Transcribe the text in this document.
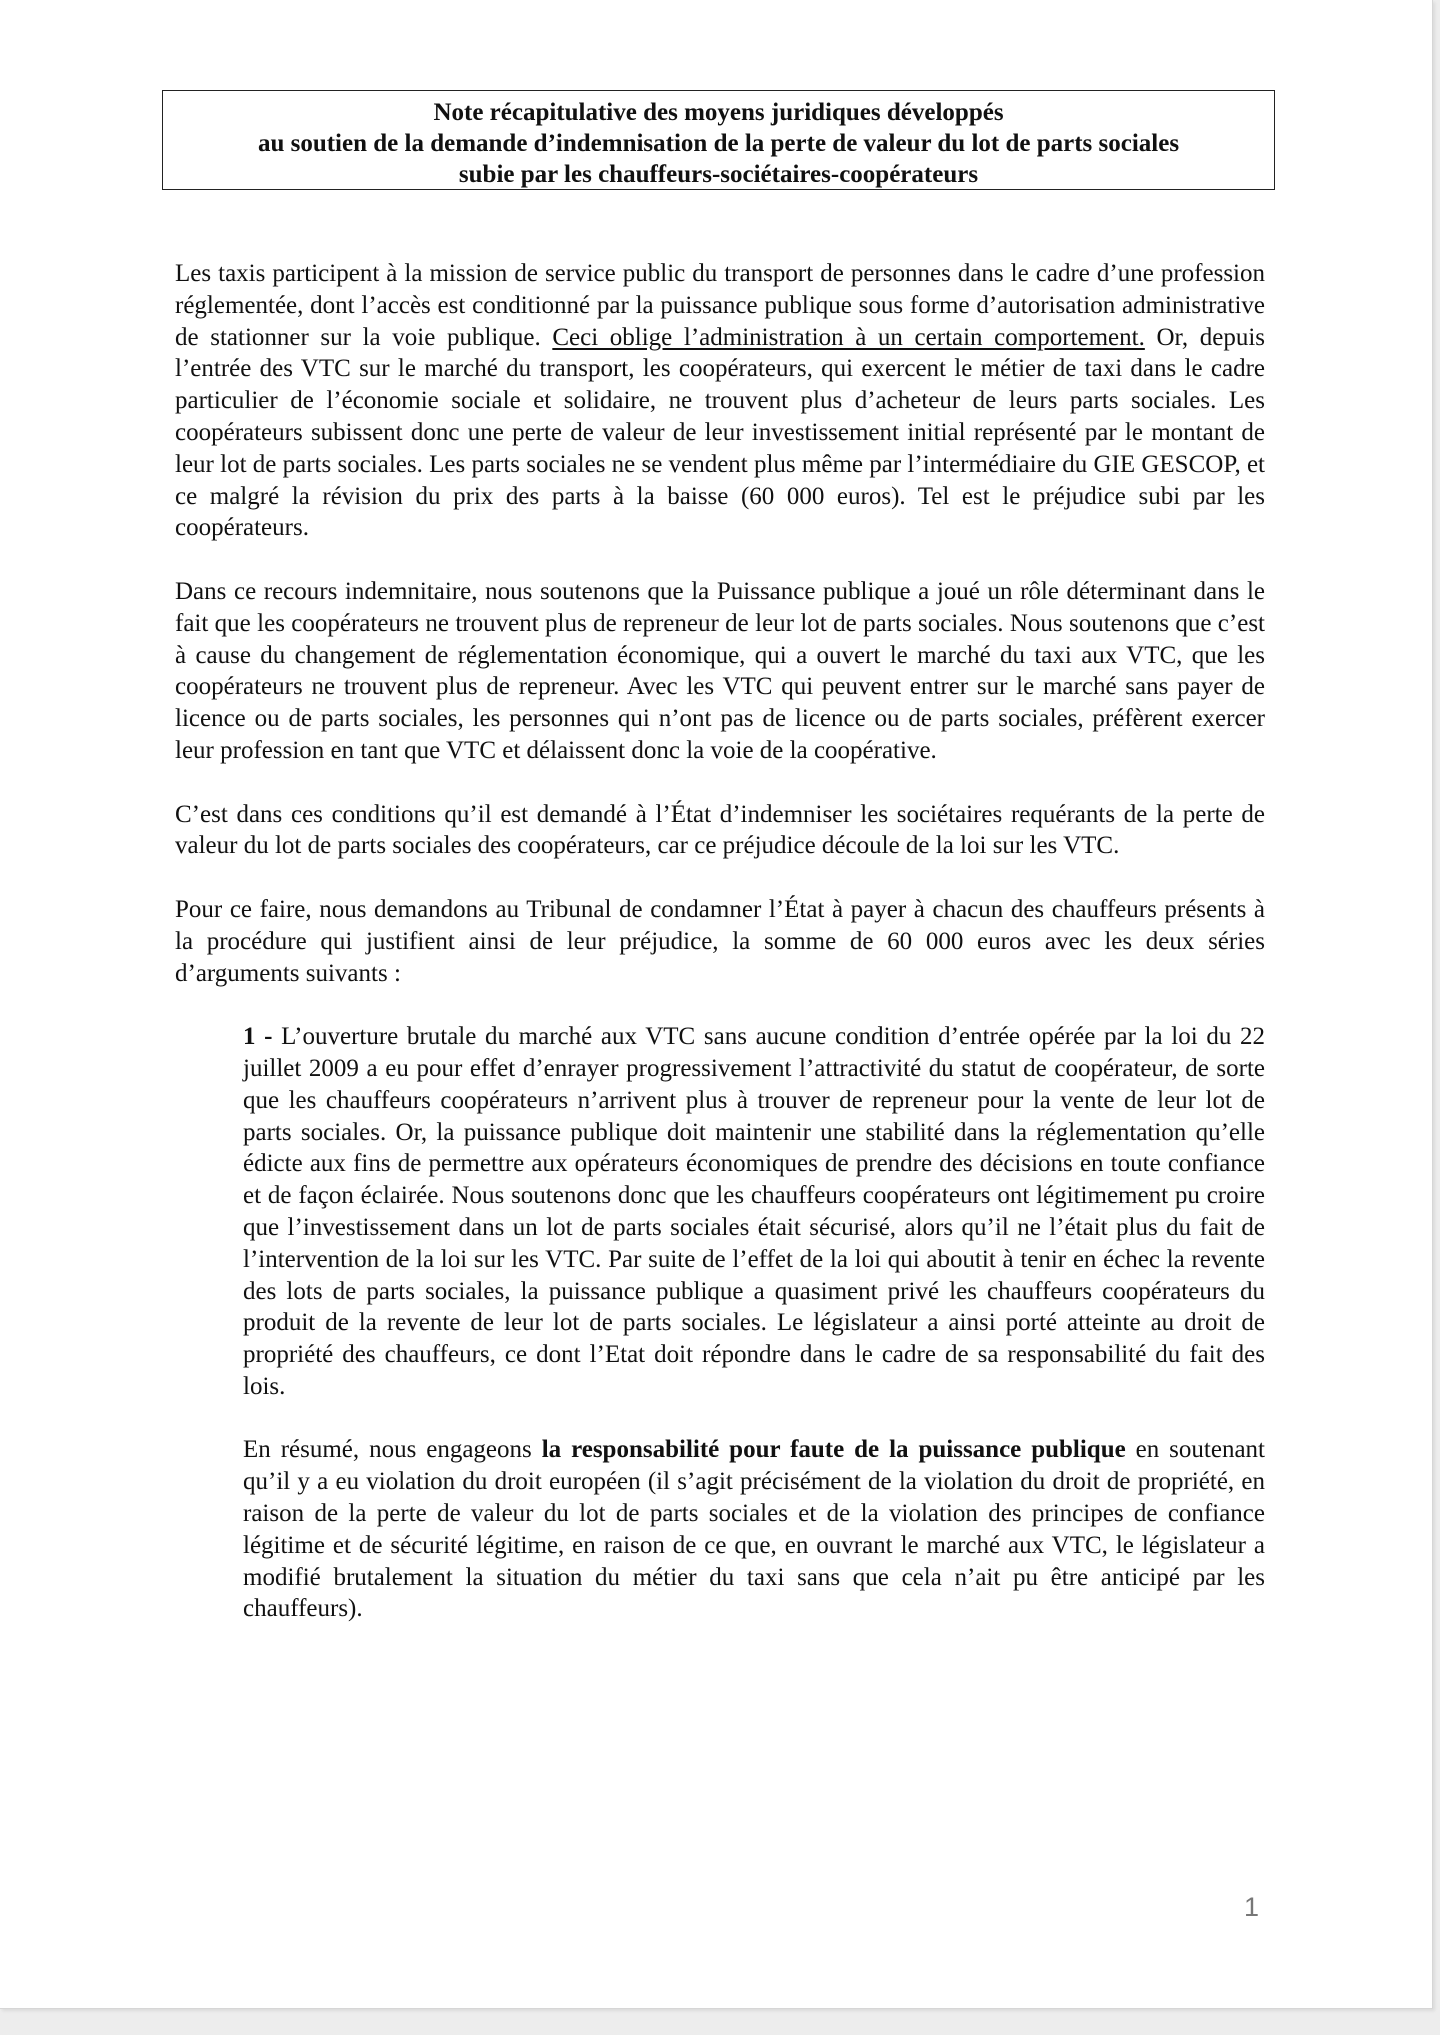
Note récapitulative des moyens juridiques développés
au soutien de la demande d’indemnisation de la perte de valeur du lot de parts sociales
subie par les chauffeurs-sociétaires-coopérateurs

Les taxis participent à la mission de service public du transport de personnes dans le cadre d’une profession réglementée, dont l’accès est conditionné par la puissance publique sous forme d’autorisation administrative de stationner sur la voie publique. Ceci oblige l’administration à un certain comportement. Or, depuis l’entrée des VTC sur le marché du transport, les coopérateurs, qui exercent le métier de taxi dans le cadre particulier de l’économie sociale et solidaire, ne trouvent plus d’acheteur de leurs parts sociales. Les coopérateurs subissent donc une perte de valeur de leur investissement initial représenté par le montant de leur lot de parts sociales. Les parts sociales ne se vendent plus même par l’intermédiaire du GIE GESCOP, et ce malgré la révision du prix des parts à la baisse (60 000 euros). Tel est le préjudice subi par les coopérateurs.

Dans ce recours indemnitaire, nous soutenons que la Puissance publique a joué un rôle déterminant dans le fait que les coopérateurs ne trouvent plus de repreneur de leur lot de parts sociales. Nous soutenons que c’est à cause du changement de réglementation économique, qui a ouvert le marché du taxi aux VTC, que les coopérateurs ne trouvent plus de repreneur. Avec les VTC qui peuvent entrer sur le marché sans payer de licence ou de parts sociales, les personnes qui n’ont pas de licence ou de parts sociales, préfèrent exercer leur profession en tant que VTC et délaissent donc la voie de la coopérative.

C’est dans ces conditions qu’il est demandé à l’État d’indemniser les sociétaires requérants de la perte de valeur du lot de parts sociales des coopérateurs, car ce préjudice découle de la loi sur les VTC.

Pour ce faire, nous demandons au Tribunal de condamner l’État à payer à chacun des chauffeurs présents à la procédure qui justifient ainsi de leur préjudice, la somme de 60 000 euros avec les deux séries d’arguments suivants :

1 - L’ouverture brutale du marché aux VTC sans aucune condition d’entrée opérée par la loi du 22 juillet 2009 a eu pour effet d’enrayer progressivement l’attractivité du statut de coopérateur, de sorte que les chauffeurs coopérateurs n’arrivent plus à trouver de repreneur pour la vente de leur lot de parts sociales. Or, la puissance publique doit maintenir une stabilité dans la réglementation qu’elle édicte aux fins de permettre aux opérateurs économiques de prendre des décisions en toute confiance et de façon éclairée. Nous soutenons donc que les chauffeurs coopérateurs ont légitimement pu croire que l’investissement dans un lot de parts sociales était sécurisé, alors qu’il ne l’était plus du fait de l’intervention de la loi sur les VTC. Par suite de l’effet de la loi qui aboutit à tenir en échec la revente des lots de parts sociales, la puissance publique a quasiment privé les chauffeurs coopérateurs du produit de la revente de leur lot de parts sociales. Le législateur a ainsi porté atteinte au droit de propriété des chauffeurs, ce dont l’Etat doit répondre dans le cadre de sa responsabilité du fait des lois.

En résumé, nous engageons la responsabilité pour faute de la puissance publique en soutenant qu’il y a eu violation du droit européen (il s’agit précisément de la violation du droit de propriété, en raison de la perte de valeur du lot de parts sociales et de la violation des principes de confiance légitime et de sécurité légitime, en raison de ce que, en ouvrant le marché aux VTC, le législateur a modifié brutalement la situation du métier du taxi sans que cela n’ait pu être anticipé par les chauffeurs).

1
